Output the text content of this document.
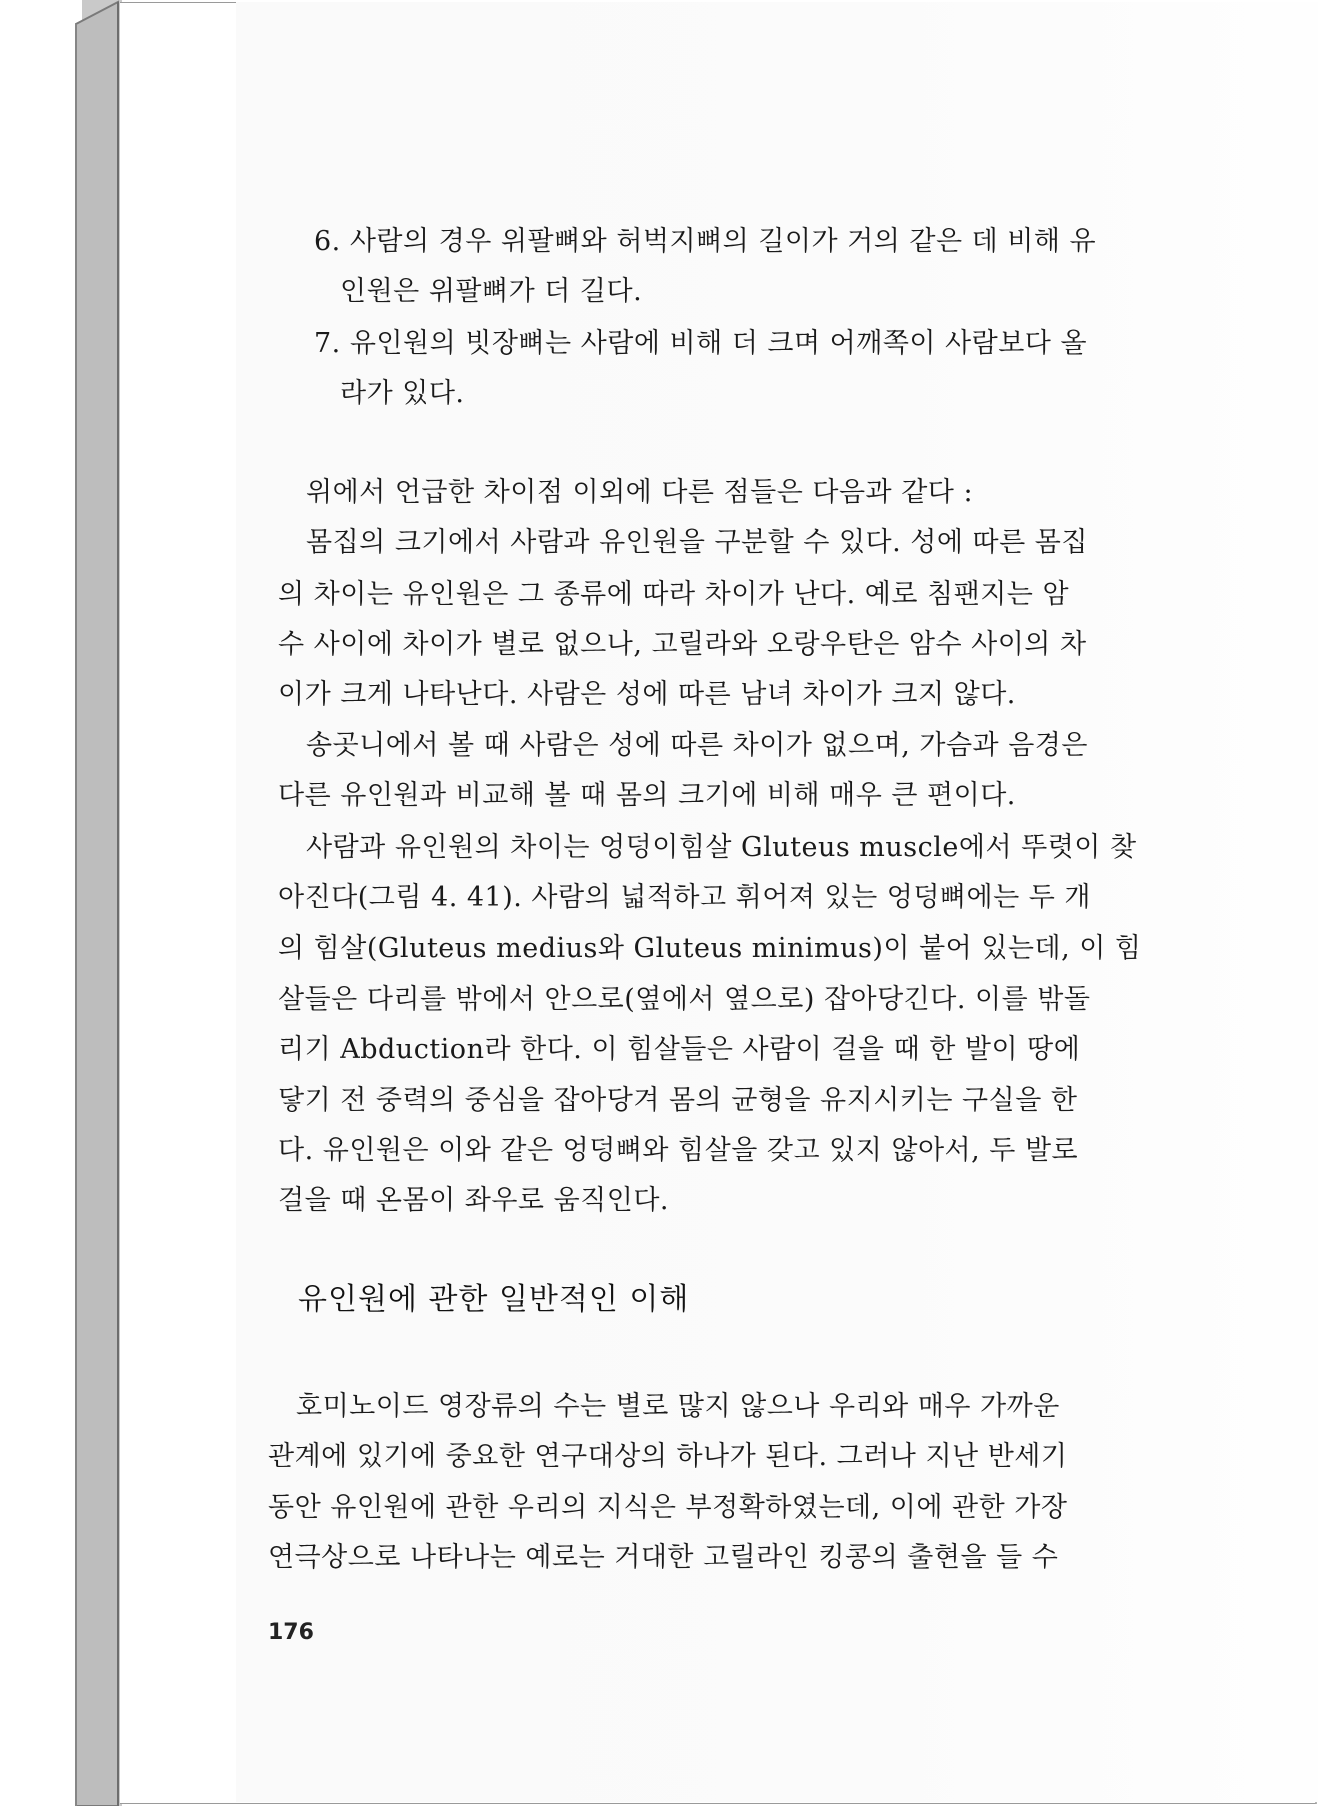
6. 사람의 경우 위팔뼈와 허벅지뼈의 길이가 거의 같은 데 비해 유
인원은 위팔뼈가 더 길다.
7. 유인원의 빗장뼈는 사람에 비해 더 크며 어깨쪽이 사람보다 올
라가 있다.
위에서 언급한 차이점 이외에 다른 점들은 다음과 같다 :
몸집의 크기에서 사람과 유인원을 구분할 수 있다. 성에 따른 몸집
의 차이는 유인원은 그 종류에 따라 차이가 난다. 예로 침팬지는 암
수 사이에 차이가 별로 없으나, 고릴라와 오랑우탄은 암수 사이의 차
이가 크게 나타난다. 사람은 성에 따른 남녀 차이가 크지 않다.
송곳니에서 볼 때 사람은 성에 따른 차이가 없으며, 가슴과 음경은
다른 유인원과 비교해 볼 때 몸의 크기에 비해 매우 큰 편이다.
사람과 유인원의 차이는 엉덩이힘살 Gluteus muscle에서 뚜렷이 찾
아진다(그림 4. 41). 사람의 넓적하고 휘어져 있는 엉덩뼈에는 두 개
의 힘살(Gluteus medius와 Gluteus minimus)이 붙어 있는데, 이 힘
살들은 다리를 밖에서 안으로(옆에서 옆으로) 잡아당긴다. 이를 밖돌
리기 Abduction라 한다. 이 힘살들은 사람이 걸을 때 한 발이 땅에
닿기 전 중력의 중심을 잡아당겨 몸의 균형을 유지시키는 구실을 한
다. 유인원은 이와 같은 엉덩뼈와 힘살을 갖고 있지 않아서, 두 발로
걸을 때 온몸이 좌우로 움직인다.
유인원에 관한 일반적인 이해
호미노이드 영장류의 수는 별로 많지 않으나 우리와 매우 가까운
관계에 있기에 중요한 연구대상의 하나가 된다. 그러나 지난 반세기
동안 유인원에 관한 우리의 지식은 부정확하였는데, 이에 관한 가장
연극상으로 나타나는 예로는 거대한 고릴라인 킹콩의 출현을 들 수
176
